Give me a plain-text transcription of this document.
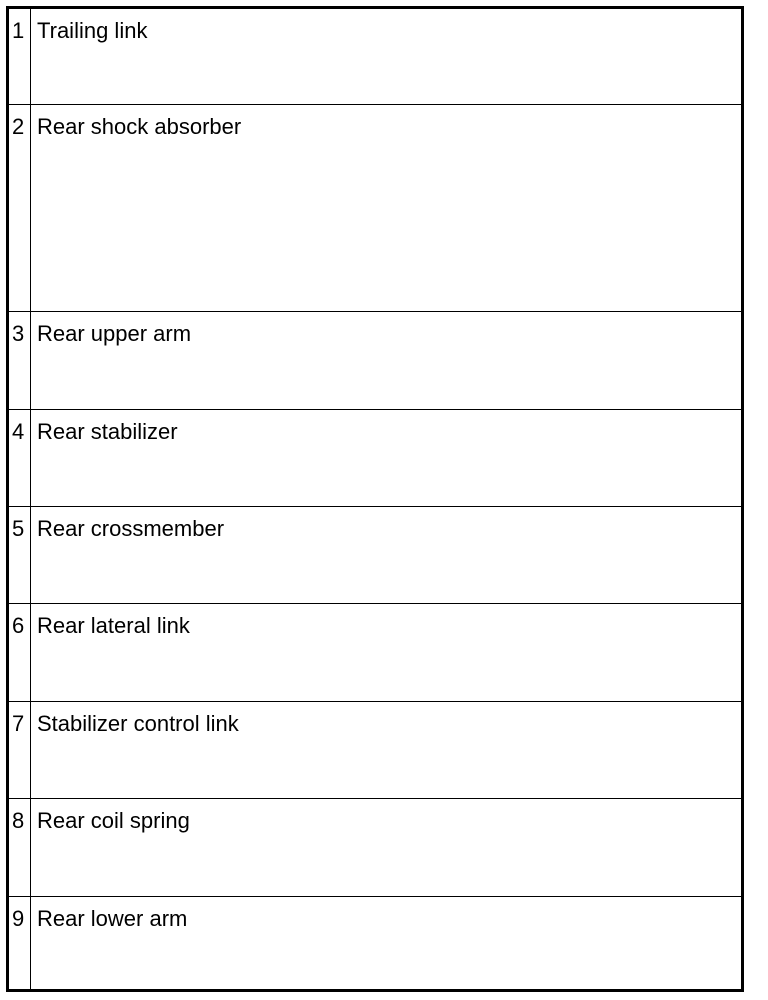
1 Trailing link
2 Rear shock absorber
3 Rear upper arm
4 Rear stabilizer
5 Rear crossmember
6 Rear lateral link
7 Stabilizer control link
8 Rear coil spring
9 Rear lower arm
